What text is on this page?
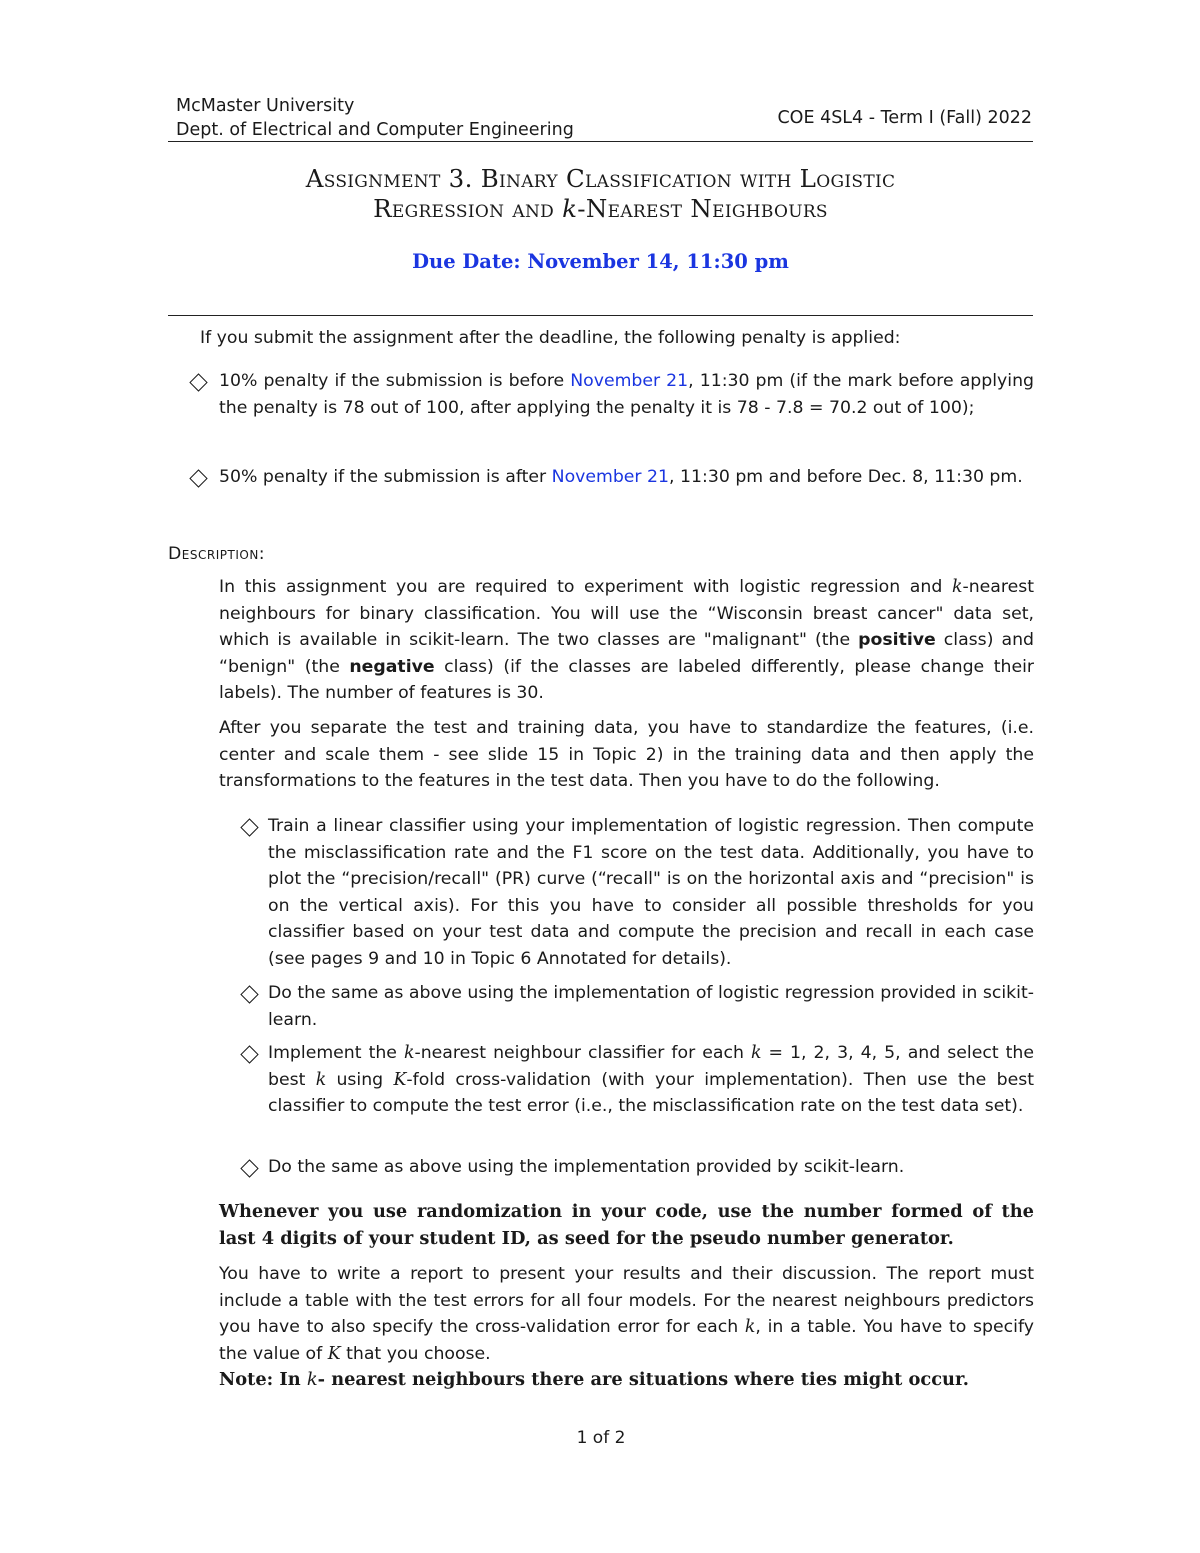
McMaster University
Dept. of Electrical and Computer Engineering
COE 4SL4 - Term I (Fall) 2022
Assignment 3. Binary Classification with Logistic
Regression and k-Nearest Neighbours
Due Date: November 14, 11:30 pm
If you submit the assignment after the deadline, the following penalty is applied:
10% penalty if the submission is before November 21, 11:30 pm (if the mark before applying the penalty is 78 out of 100, after applying the penalty it is 78 - 7.8 = 70.2 out of 100);
50% penalty if the submission is after November 21, 11:30 pm and before Dec. 8, 11:30 pm.
Description:
In this assignment you are required to experiment with logistic regression and k-nearest neighbours for binary classification. You will use the “Wisconsin breast cancer" data set, which is available in scikit-learn. The two classes are "malignant" (the positive class) and “benign" (the negative class) (if the classes are labeled differently, please change their labels). The number of features is 30.
After you separate the test and training data, you have to standardize the features, (i.e. center and scale them - see slide 15 in Topic 2) in the training data and then apply the transformations to the features in the test data. Then you have to do the following.
Train a linear classifier using your implementation of logistic regression. Then compute the misclassification rate and the F1 score on the test data. Additionally, you have to plot the “precision/recall" (PR) curve (“recall" is on the horizontal axis and “precision" is on the vertical axis). For this you have to consider all possible thresholds for you classifier based on your test data and compute the precision and recall in each case (see pages 9 and 10 in Topic 6 Annotated for details).
Do the same as above using the implementation of logistic regression provided in scikit-learn.
Implement the k-nearest neighbour classifier for each k = 1, 2, 3, 4, 5, and select the best k using K-fold cross-validation (with your implementation). Then use the best classifier to compute the test error (i.e., the misclassification rate on the test data set).
Do the same as above using the implementation provided by scikit-learn.
Whenever you use randomization in your code, use the number formed of the last 4 digits of your student ID, as seed for the pseudo number generator.
You have to write a report to present your results and their discussion. The report must include a table with the test errors for all four models. For the nearest neighbours predictors you have to also specify the cross-validation error for each k, in a table. You have to specify the value of K that you choose.
Note: In k- nearest neighbours there are situations where ties might occur.
1 of 2
